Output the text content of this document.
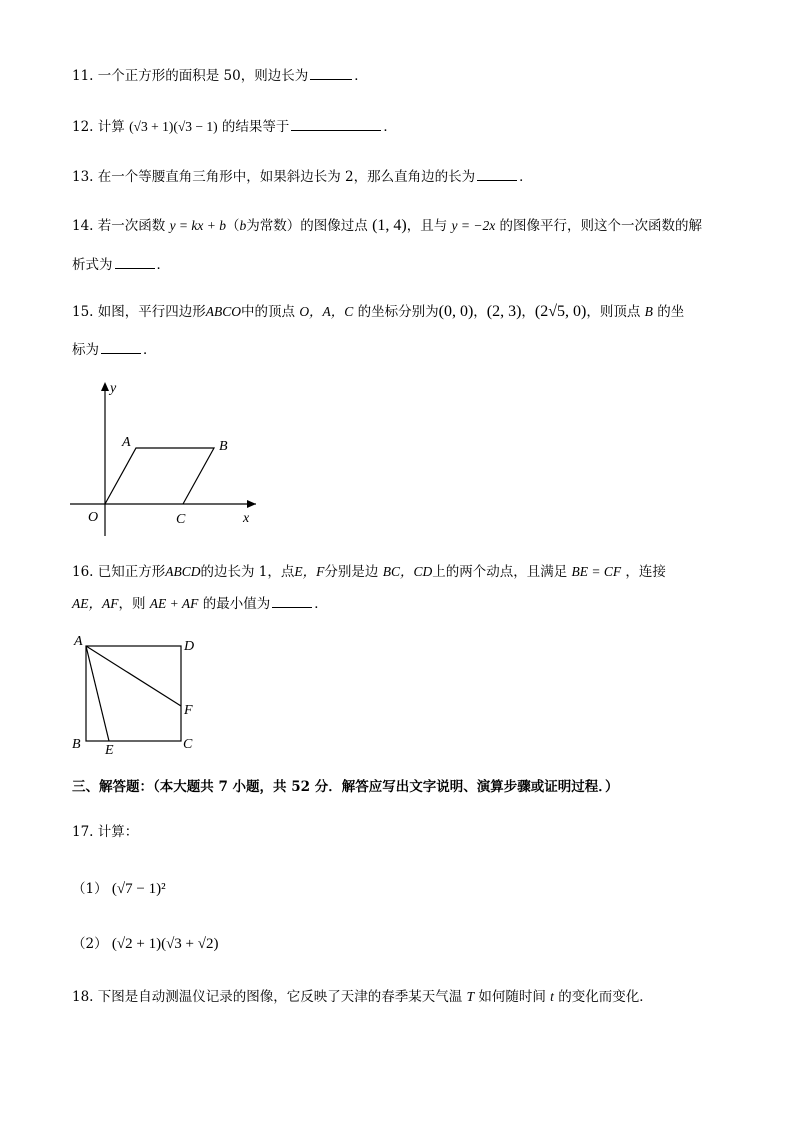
11. 一个正方形的面积是 50，则边长为	．
12. 计算 (√3 + 1)(√3 − 1) 的结果等于	．
13. 在一个等腰直角三角形中，如果斜边长为 2，那么直角边的长为	．
14. 若一次函数 y = kx + b（b为常数）的图像过点 (1, 4)，且与 y = −2x 的图像平行，则这个一次函数的解
析式为	．
15. 如图，平行四边形ABCO中的顶点 O，A，C 的坐标分别为(0, 0)，(2, 3)，(2√5, 0)，则顶点 B 的坐
标为	．
y
x
O
A	B
C
16. 已知正方形ABCD的边长为 1，点E，F分别是边 BC，CD上的两个动点，且满足 BE = CF ，连接
AE，AF，则 AE + AF 的最小值为	．
A	D
F
B E	C
三、解答题：（本大题共 7 小题，共 52 分．解答应写出文字说明、演算步骤或证明过程．）
17. 计算：
（1） (√7 − 1)²
（2） (√2 + 1)(√3 + √2)
18. 下图是自动测温仪记录的图像，它反映了天津的春季某天气温 T 如何随时间 t 的变化而变化．
